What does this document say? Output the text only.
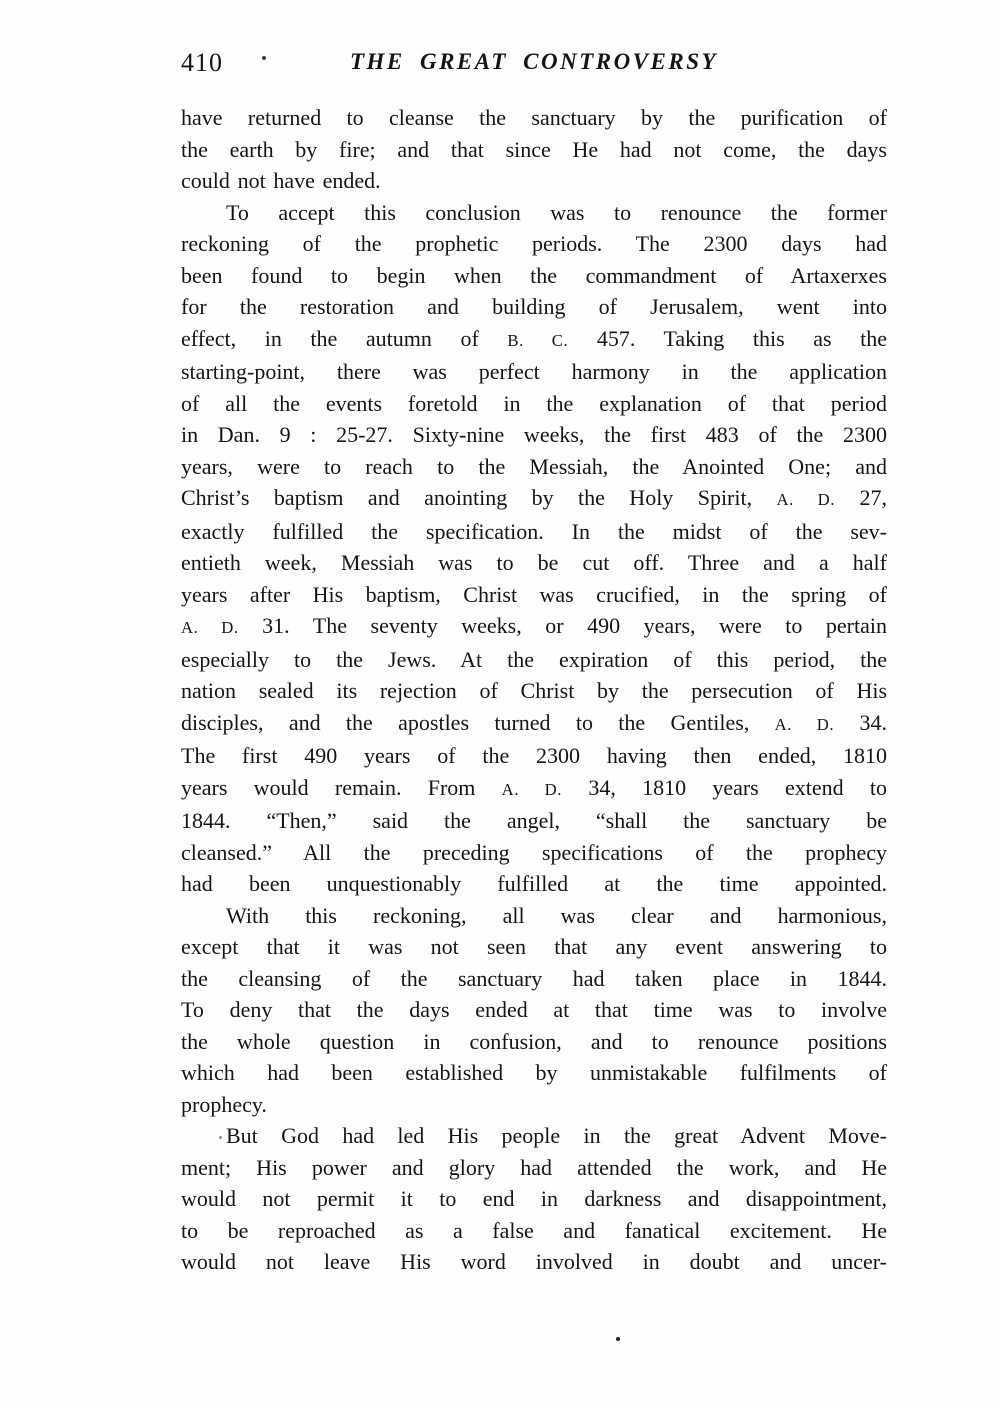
410	THE GREAT CONTROVERSY
have returned to cleanse the sanctuary by the purification of
the earth by fire; and that since He had not come, the days
could not have ended.
To accept this conclusion was to renounce the former
reckoning of the prophetic periods. The 2300 days had
been found to begin when the commandment of Artaxerxes
for the restoration and building of Jerusalem, went into
effect, in the autumn of B. C. 457. Taking this as the
starting-point, there was perfect harmony in the application
of all the events foretold in the explanation of that period
in Dan. 9 : 25-27. Sixty-nine weeks, the first 483 of the 2300
years, were to reach to the Messiah, the Anointed One; and
Christ’s baptism and anointing by the Holy Spirit, A. D. 27,
exactly fulfilled the specification. In the midst of the sev-
entieth week, Messiah was to be cut off. Three and a half
years after His baptism, Christ was crucified, in the spring of
A. D. 31. The seventy weeks, or 490 years, were to pertain
especially to the Jews. At the expiration of this period, the
nation sealed its rejection of Christ by the persecution of His
disciples, and the apostles turned to the Gentiles, A. D. 34.
The first 490 years of the 2300 having then ended, 1810
years would remain. From A. D. 34, 1810 years extend to
1844. “Then,” said the angel, “shall the sanctuary be
cleansed.” All the preceding specifications of the prophecy
had been unquestionably fulfilled at the time appointed.
With this reckoning, all was clear and harmonious,
except that it was not seen that any event answering to
the cleansing of the sanctuary had taken place in 1844.
To deny that the days ended at that time was to involve
the whole question in confusion, and to renounce positions
which had been established by unmistakable fulfilments of
prophecy.
But God had led His people in the great Advent Move-
ment; His power and glory had attended the work, and He
would not permit it to end in darkness and disappointment,
to be reproached as a false and fanatical excitement. He
would not leave His word involved in doubt and uncer-
